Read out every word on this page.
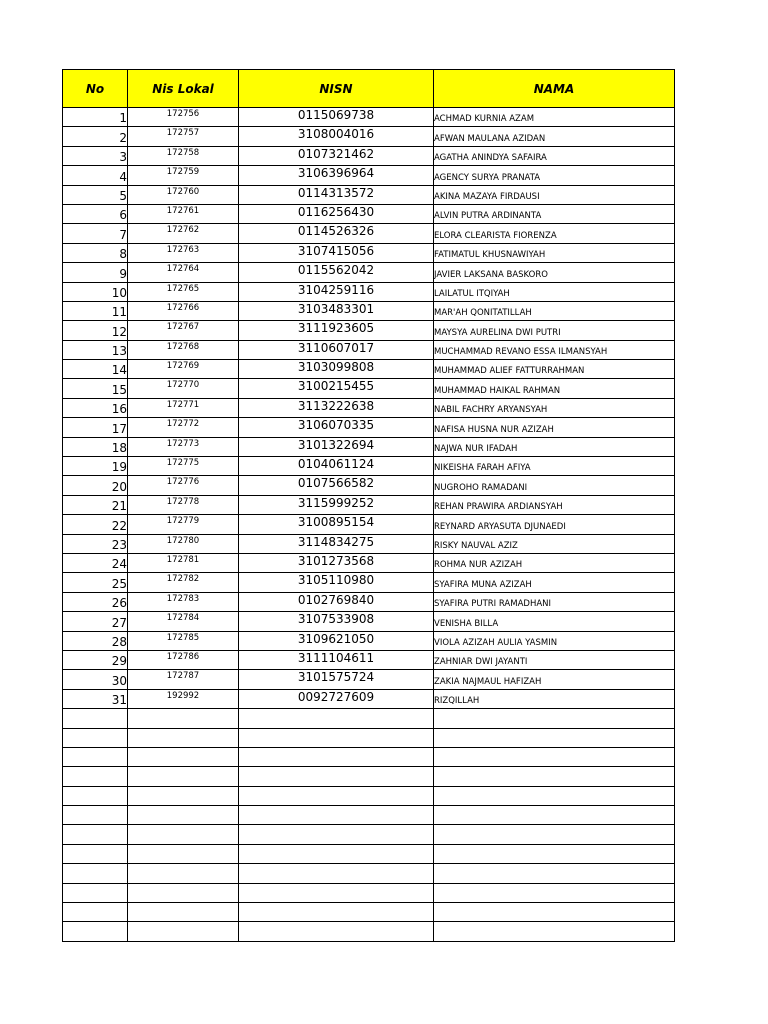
No	Nis Lokal	NISN	NAMA
1	172756	0115069738	ACHMAD KURNIA AZAM
2	172757	3108004016	AFWAN MAULANA AZIDAN
3	172758	0107321462	AGATHA ANINDYA SAFAIRA
4	172759	3106396964	AGENCY SURYA PRANATA
5	172760	0114313572	AKINA MAZAYA FIRDAUSI
6	172761	0116256430	ALVIN PUTRA ARDINANTA
7	172762	0114526326	ELORA CLEARISTA FIORENZA
8	172763	3107415056	FATIMATUL KHUSNAWIYAH
9	172764	0115562042	JAVIER LAKSANA BASKORO
10	172765	3104259116	LAILATUL ITQIYAH
11	172766	3103483301	MAR'AH QONITATILLAH
12	172767	3111923605	MAYSYA AURELINA DWI PUTRI
13	172768	3110607017	MUCHAMMAD REVANO ESSA ILMANSYAH
14	172769	3103099808	MUHAMMAD ALIEF FATTURRAHMAN
15	172770	3100215455	MUHAMMAD HAIKAL RAHMAN
16	172771	3113222638	NABIL FACHRY ARYANSYAH
17	172772	3106070335	NAFISA HUSNA NUR AZIZAH
18	172773	3101322694	NAJWA NUR IFADAH
19	172775	0104061124	NIKEISHA FARAH AFIYA
20	172776	0107566582	NUGROHO RAMADANI
21	172778	3115999252	REHAN PRAWIRA ARDIANSYAH
22	172779	3100895154	REYNARD ARYASUTA DJUNAEDI
23	172780	3114834275	RISKY NAUVAL AZIZ
24	172781	3101273568	ROHMA NUR AZIZAH
25	172782	3105110980	SYAFIRA MUNA AZIZAH
26	172783	0102769840	SYAFIRA PUTRI RAMADHANI
27	172784	3107533908	VENISHA BILLA
28	172785	3109621050	VIOLA AZIZAH AULIA YASMIN
29	172786	3111104611	ZAHNIAR DWI JAYANTI
30	172787	3101575724	ZAKIA NAJMAUL HAFIZAH
31	192992	0092727609	RIZQILLAH
